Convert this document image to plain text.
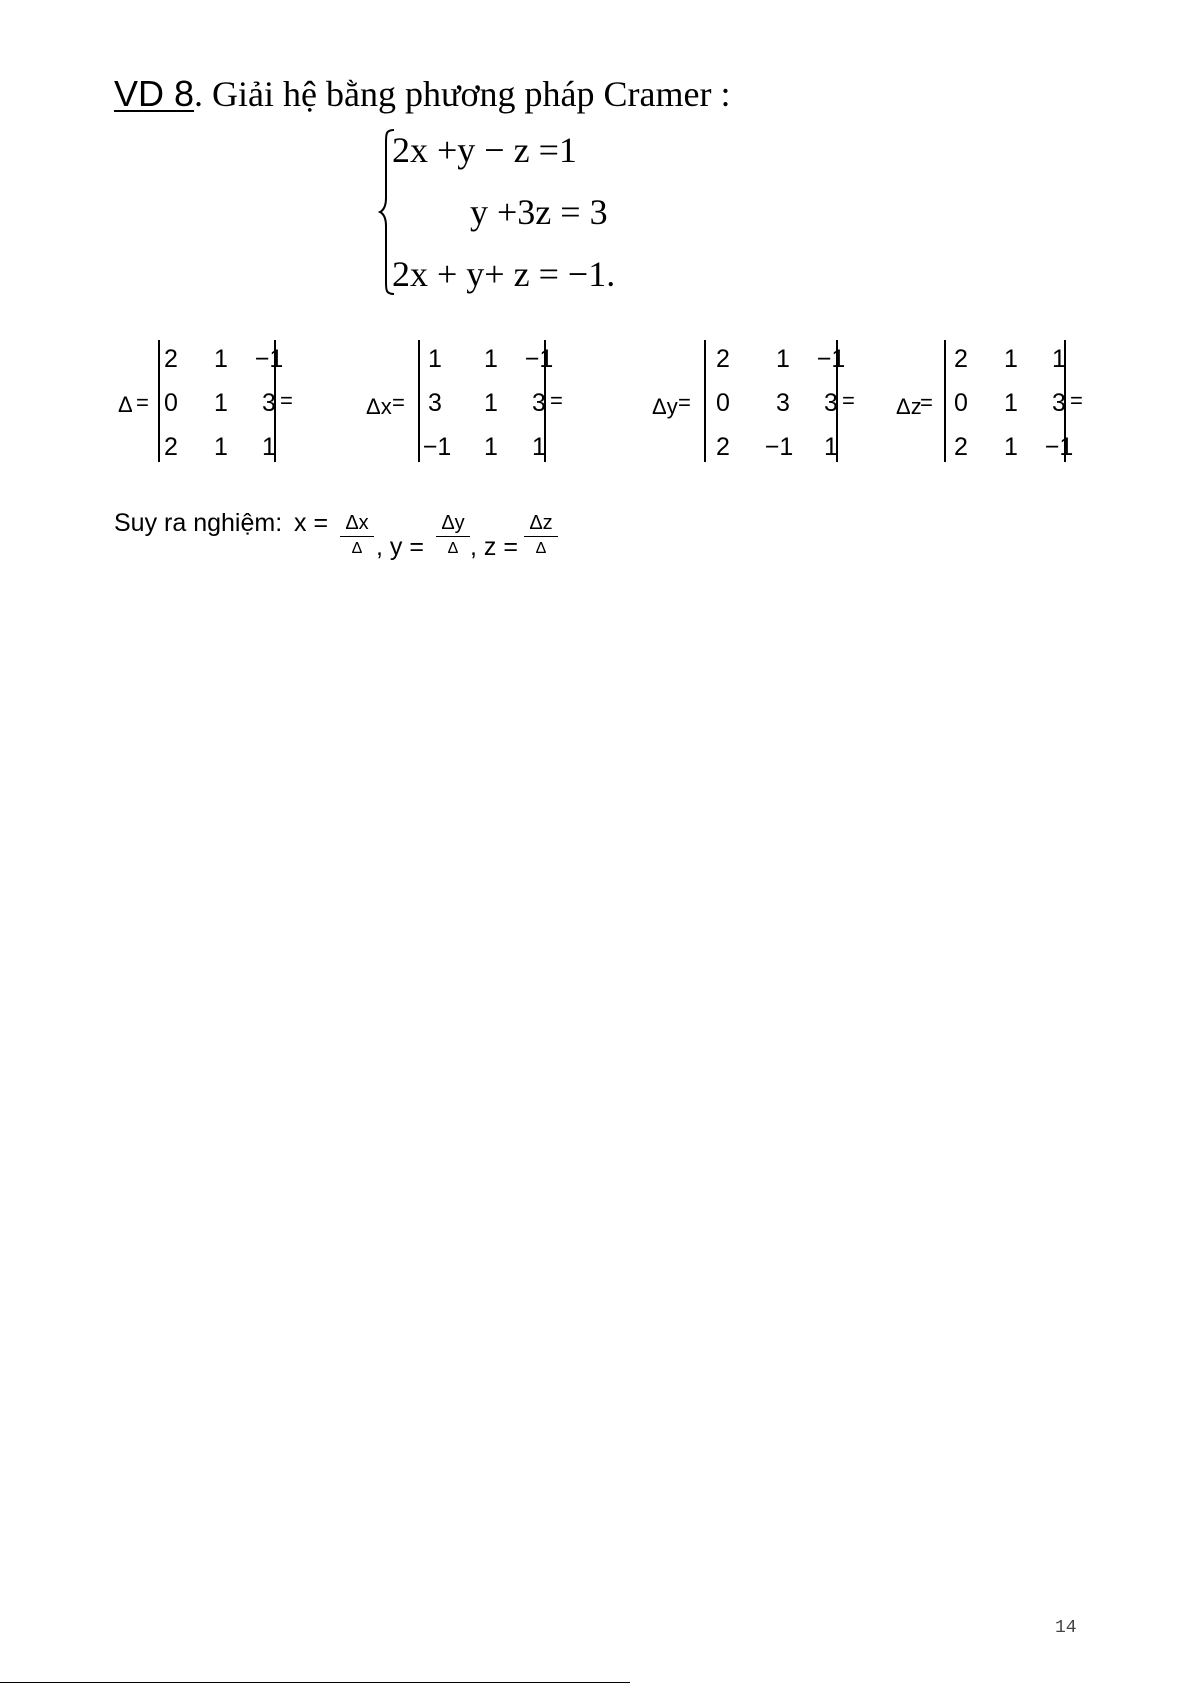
VD 8. Giải hệ bằng phương pháp Cramer :
2x +y − z =1
y +3z = 3
2x + y+ z = −1.
Δ =
2	1	−1
0	1	3
2	1	1
=	Δx =
1	1	−1
3	1	3
−1	1	1
=	Δy =
2	1	−1
0	3	3
2	−1	1
= Δz
=
2	1	1
0	1	3
2	1	−1
=
Suy ra nghiệm: x = Δx
Δ , y =
Δy
Δ , z =
Δz
Δ
14
